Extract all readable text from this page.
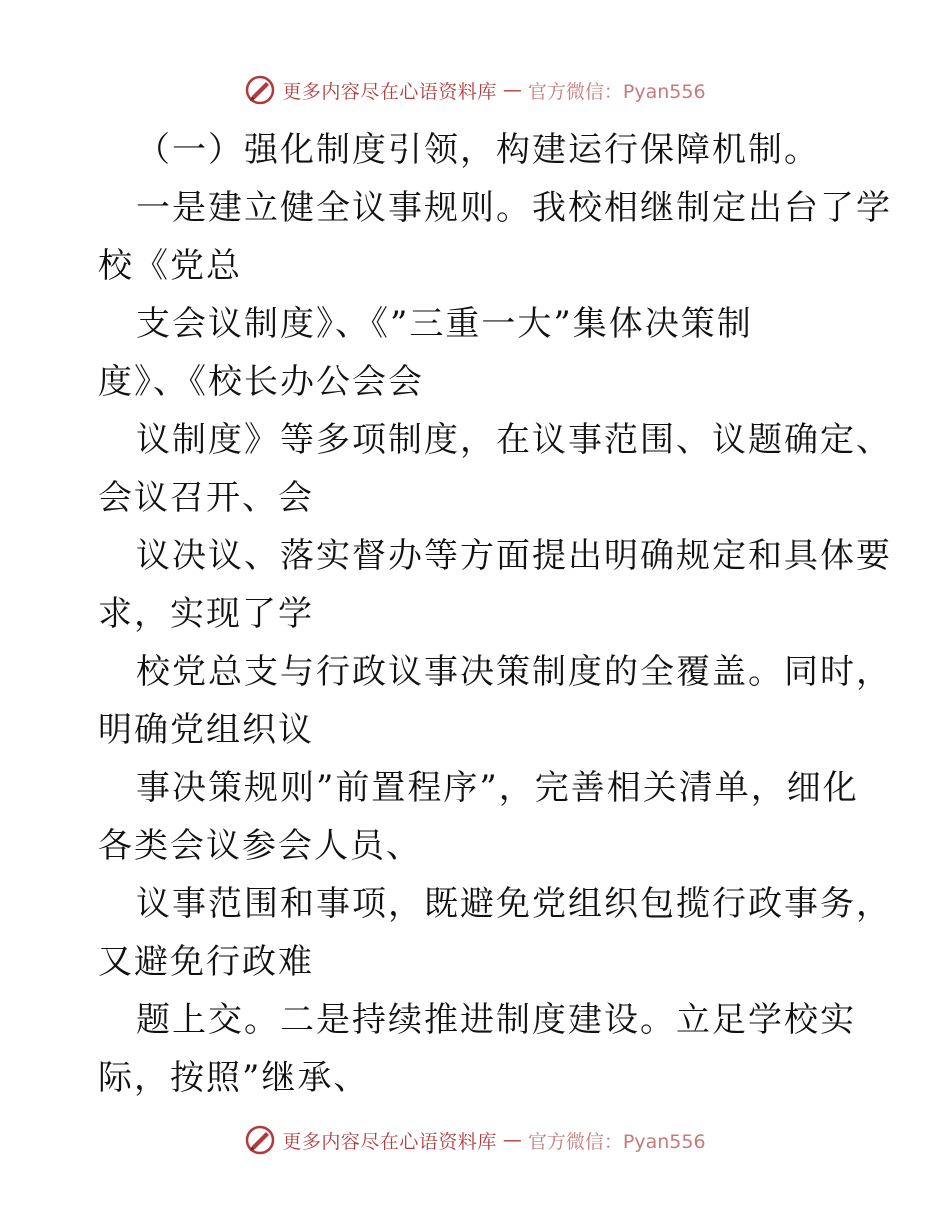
更多内容尽在心语资料库 — 官方微信：Pyan556
（一）强化制度引领，构建运行保障机制。
一是建立健全议事规则。我校相继制定出台了学
校《党总
支会议制度》、《”三重一大”集体决策制
度》、《校长办公会会
议制度》等多项制度，在议事范围、议题确定、
会议召开、会
议决议、落实督办等方面提出明确规定和具体要
求，实现了学
校党总支与行政议事决策制度的全覆盖。同时，
明确党组织议
事决策规则”前置程序”，完善相关清单，细化
各类会议参会人员、
议事范围和事项，既避免党组织包揽行政事务，
又避免行政难
题上交。二是持续推进制度建设。立足学校实
际，按照”继承、
更多内容尽在心语资料库 — 官方微信：Pyan556
